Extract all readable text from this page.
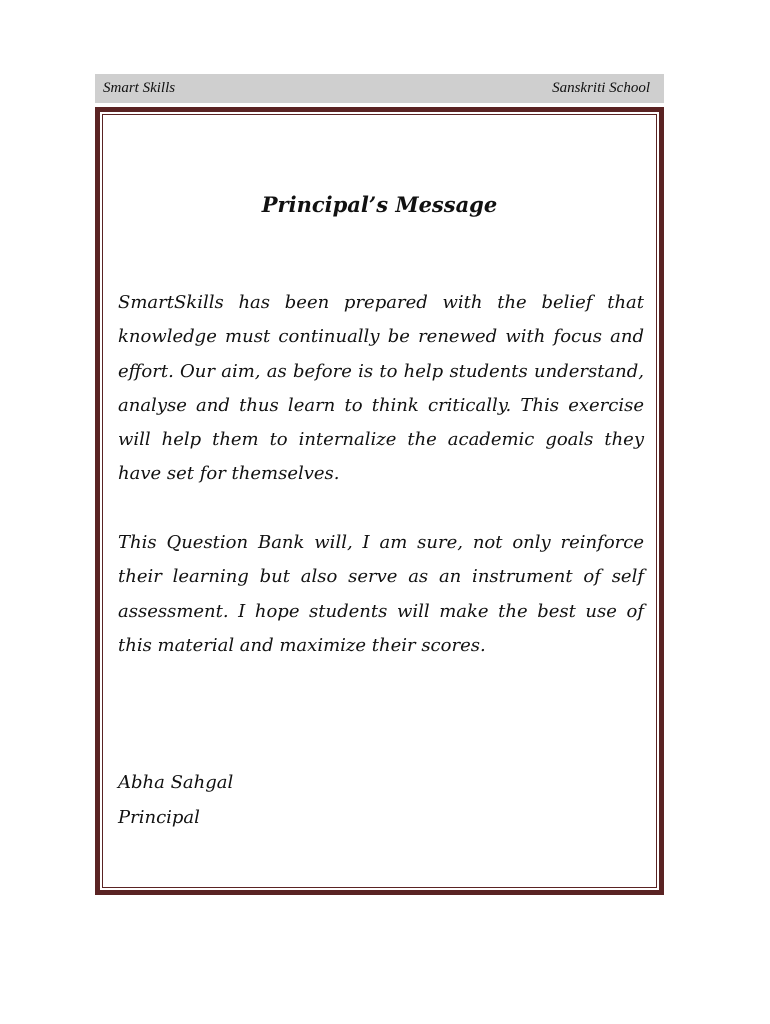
Smart Skills	Sanskriti School
Principal’s Message

SmartSkills has been prepared with the belief that knowledge must continually be renewed with focus and effort. Our aim, as before is to help students understand, analyse and thus learn to think critically. This exercise will help them to internalize the academic goals they have set for themselves.

This Question Bank will, I am sure, not only reinforce their learning but also serve as an instrument of self assessment. I hope students will make the best use of this material and maximize their scores.

Abha Sahgal

Principal
